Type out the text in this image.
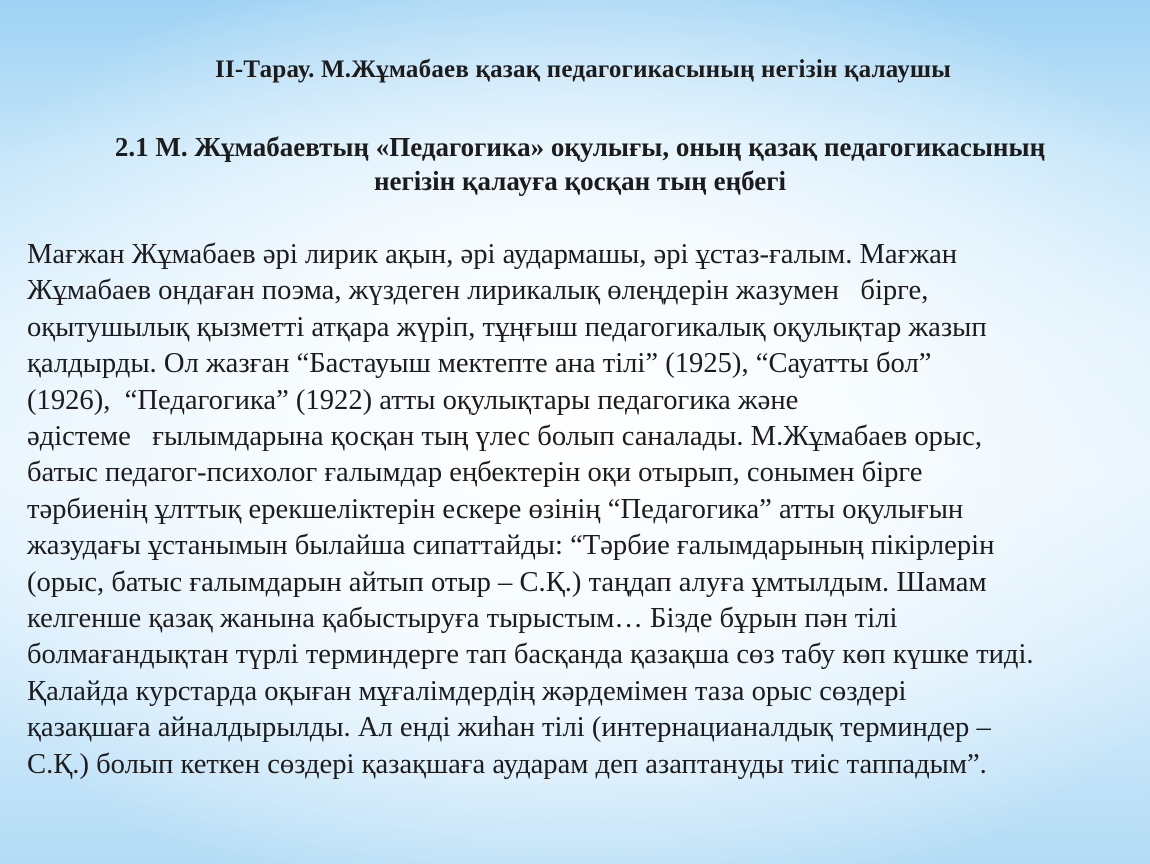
ІІ-Тарау. М.Жұмабаев қазақ педагогикасының негізін қалаушы
2.1 М. Жұмабаевтың «Педагогика» оқулығы, оның қазақ педагогикасының
негізін қалауға қосқан тың еңбегі

Мағжан Жұмабаев әрі лирик ақын, әрі аудармашы, әрі ұстаз-ғалым. Мағжан
Жұмабаев ондаған поэма, жүздеген лирикалық өлеңдерін жазумен   бірге,
оқытушылық қызметті атқара жүріп, тұңғыш педагогикалық оқулықтар жазып
қалдырды. Ол жазған “Бастауыш мектепте ана тілі” (1925), “Сауатты бол”
(1926),  “Педагогика” (1922) атты оқулықтары педагогика және
әдістеме   ғылымдарына қосқан тың үлес болып саналады. М.Жұмабаев орыс,
батыс педагог-психолог ғалымдар еңбектерін оқи отырып, сонымен бірге
тәрбиенің ұлттық ерекшеліктерін ескере өзінің “Педагогика” атты оқулығын
жазудағы ұстанымын былайша сипаттайды: “Тәрбие ғалымдарының пікірлерін
(орыс, батыс ғалымдарын айтып отыр – С.Қ.) таңдап алуға ұмтылдым. Шамам
келгенше қазақ жанына қабыстыруға тырыстым… Бізде бұрын пән тілі
болмағандықтан түрлі терминдерге тап басқанда қазақша сөз табу көп күшке тиді.
Қалайда курстарда оқыған мұғалімдердің жәрдемімен таза орыс сөздері
қазақшаға айналдырылды. Ал енді жиһан тілі (интернацианалдық терминдер –
С.Қ.) болып кеткен сөздері қазақшаға аударам деп азаптануды тиіс таппадым”.
